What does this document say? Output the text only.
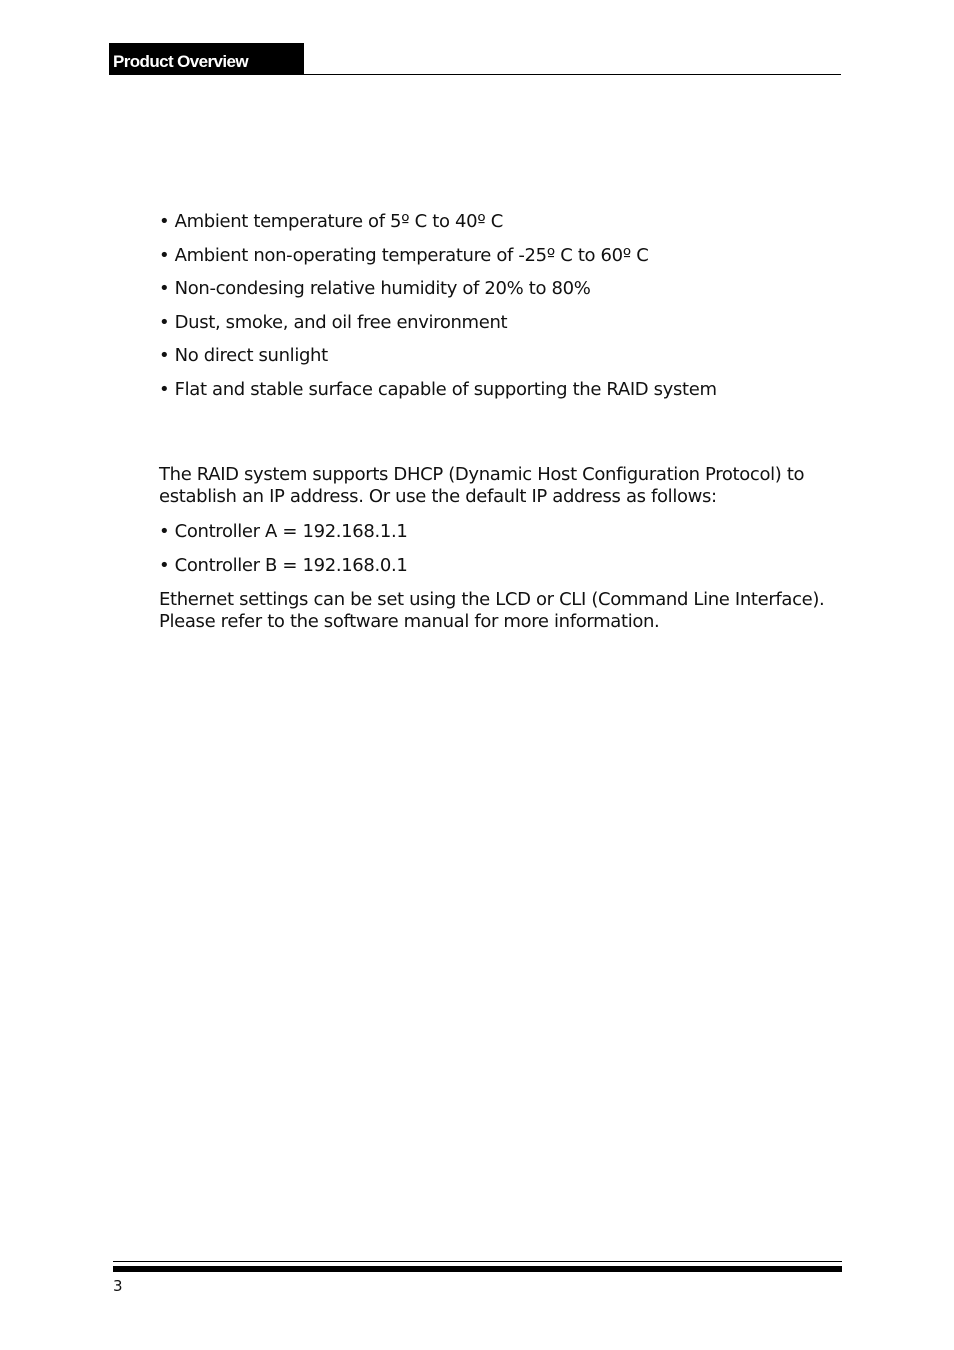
Product Overview
• Ambient temperature of 5º C to 40º C
• Ambient non-operating temperature of -25º C to 60º C
• Non-condesing relative humidity of 20% to 80%
• Dust, smoke, and oil free environment
• No direct sunlight
• Flat and stable surface capable of supporting the RAID system

The RAID system supports DHCP (Dynamic Host Configuration Protocol) to establish an IP address. Or use the default IP address as follows:

• Controller A = 192.168.1.1
• Controller B = 192.168.0.1

Ethernet settings can be set using the LCD or CLI (Command Line Interface). Please refer to the software manual for more information.

3
